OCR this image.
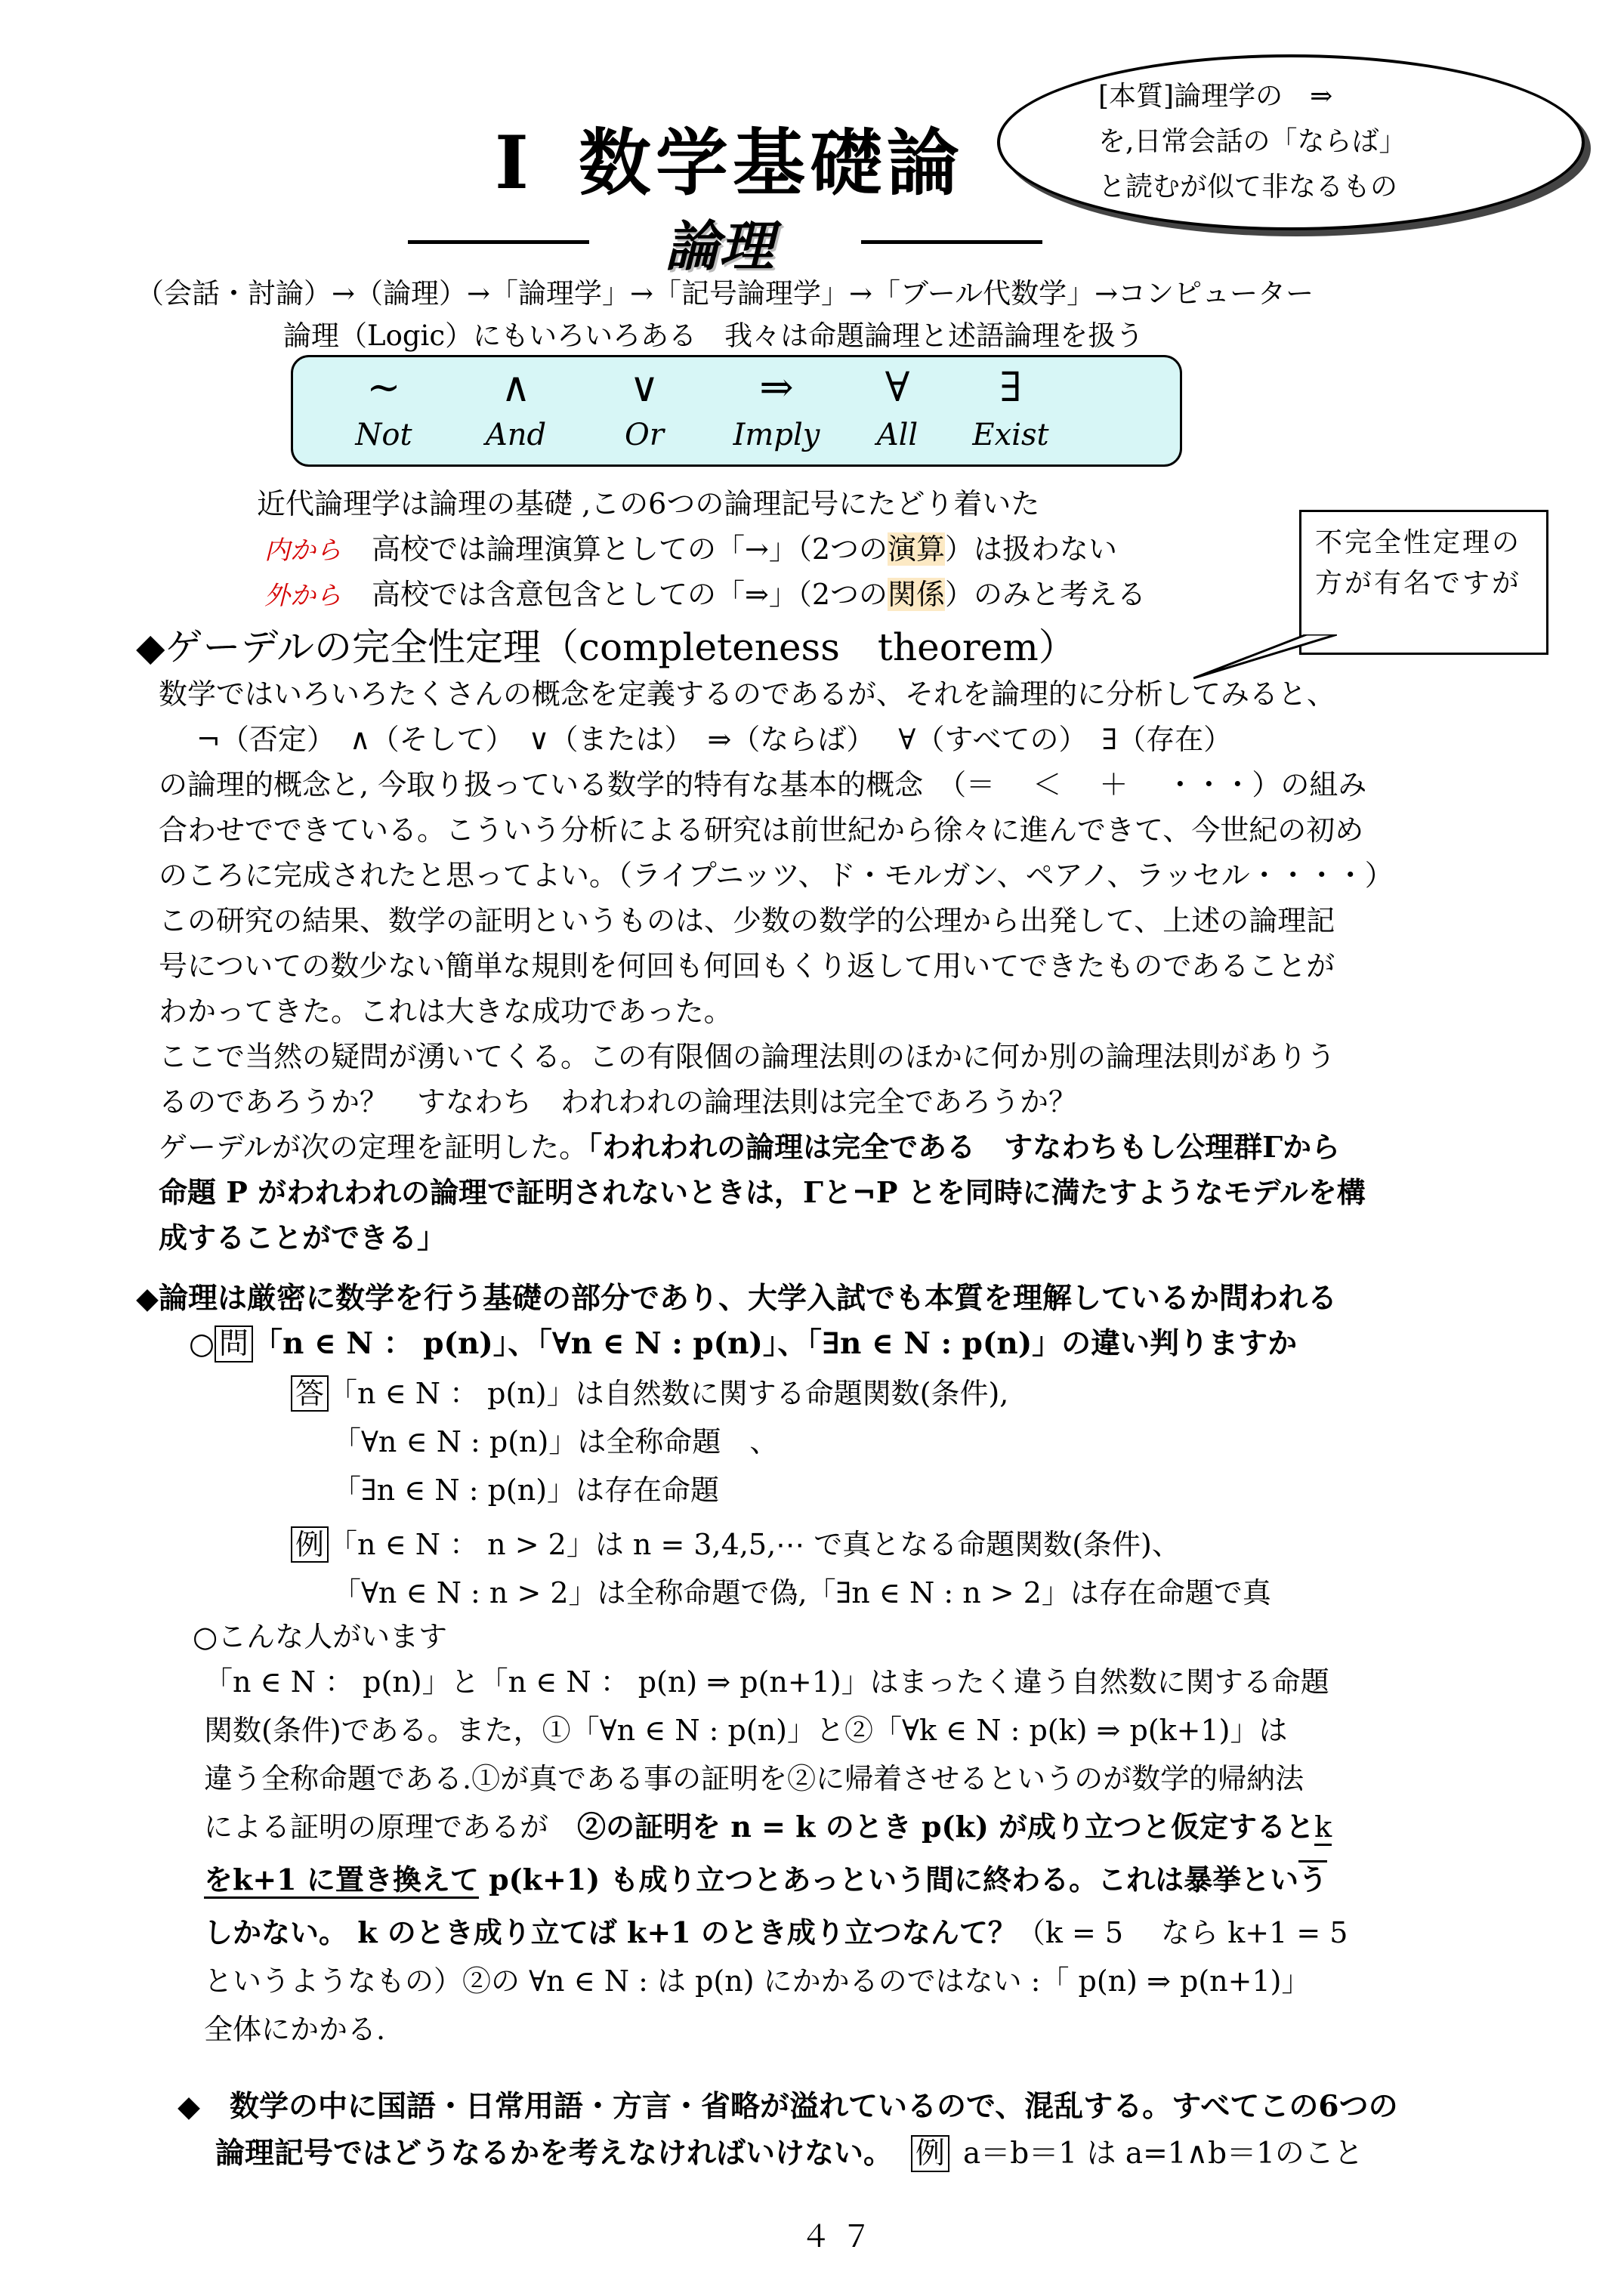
I 数学基礎論
論理
[本質]論理学の　⇒
を,日常会話の「ならば」
と読むが似て非なるもの
（会話・討論）→（論理）→「論理学」→「記号論理学」→「ブール代数学」→コンピューター
論理（Logic）にもいろいろある　我々は命題論理と述語論理を扱う
∼
Not
∧
And
∨
Or
⇒
Imply
∀
All
∃
Exist
近代論理学は論理の基礎 ,この6つの論理記号にたどり着いた
内から 高校では論理演算としての「→」（2つの演算）は扱わない
外から 高校では含意包含としての「⇒」（2つの関係）のみと考える
不完全性定理の方が有名ですが
◆ゲーデルの完全性定理（completeness　theorem）
数学ではいろいろたくさんの概念を定義するのであるが、それを論理的に分析してみると、
¬（否定）　∧（そして）　∨（または）　⇒（ならば）　 ∀（すべての）　∃（存在）
の論理的概念と, 今取り扱っている数学的特有な基本的概念　（＝　 ＜　 ＋　 ・・・）の組み
合わせでできている。こういう分析による研究は前世紀から徐々に進んできて、今世紀の初め
のころに完成されたと思ってよい。（ライプニッツ、ド・モルガン、ペアノ、ラッセル・・・・）
この研究の結果、数学の証明というものは、少数の数学的公理から出発して、上述の論理記
号についての数少ない簡単な規則を何回も何回もくり返して用いてできたものであることが
わかってきた。これは大きな成功であった。
ここで当然の疑問が湧いてくる。この有限個の論理法則のほかに何か別の論理法則がありう
るのであろうか？　すなわち　われわれの論理法則は完全であろうか？
ゲーデルが次の定理を証明した。「われわれの論理は完全である　すなわちもし公理群Γから
命題 P がわれわれの論理で証明されないときは，Γと¬P とを同時に満たすようなモデルを構
成することができる」
◆論理は厳密に数学を行う基礎の部分であり、大学入試でも本質を理解しているか問われる
○ 問 「n ∈ N ： p(n)」、「∀n ∈ N : p(n)」、「∃n ∈ N : p(n)」の違い判りますか
答 「n ∈ N ： p(n)」は自然数に関する命題関数(条件),
「∀n ∈ N : p(n)」は全称命題　、
「∃n ∈ N : p(n)」は存在命題
例 「n ∈ N ： n > 2」は n = 3,4,5,⋯ で真となる命題関数(条件)、
「∀n ∈ N : n > 2」は全称命題で偽,「∃n ∈ N : n > 2」は存在命題で真
○こんな人がいます
「n ∈ N ： p(n)」と「n ∈ N ： p(n) ⇒ p(n+1)」はまったく違う自然数に関する命題
関数(条件)である。また，①「∀n ∈ N : p(n)」と②「∀k ∈ N : p(k) ⇒ p(k+1)」は
違う全称命題である.①が真である事の証明を②に帰着させるというのが数学的帰納法
による証明の原理であるが　②の証明を n = k のとき p(k) が成り立つと仮定するとk
をk+1 に置き換えて p(k+1) も成り立つとあっという間に終わる。これは暴挙という
しかない。 k のとき成り立てば k+1 のとき成り立つなんて？（k = 5　 なら k+1 = 5
というようなもの）②の ∀n ∈ N : は p(n) にかかるのではない :「 p(n) ⇒ p(n+1)」
全体にかかる.
◆　数学の中に国語・日常用語・方言・省略が溢れているので、混乱する。すべてこの6つの
論理記号ではどうなるかを考えなければいけない。 例 a＝b＝1 は a=1∧b＝1のこと
４７
